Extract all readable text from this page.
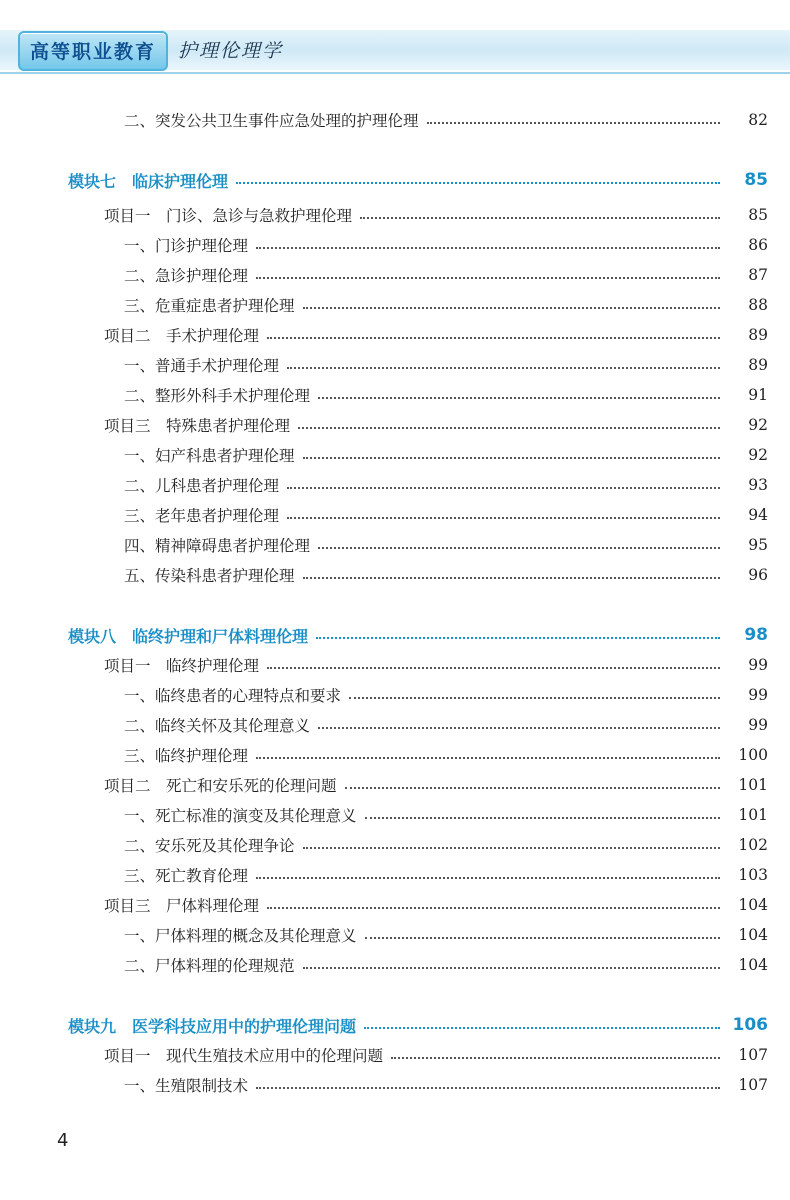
高等职业教育	护理伦理学
二、突发公共卫生事件应急处理的护理伦理	82
模块七　临床护理伦理	85
项目一　门诊、急诊与急救护理伦理	85
一、门诊护理伦理	86
二、急诊护理伦理	87
三、危重症患者护理伦理	88
项目二　手术护理伦理	89
一、普通手术护理伦理	89
二、整形外科手术护理伦理	91
项目三　特殊患者护理伦理	92
一、妇产科患者护理伦理	92
二、儿科患者护理伦理	93
三、老年患者护理伦理	94
四、精神障碍患者护理伦理	95
五、传染科患者护理伦理	96
模块八　临终护理和尸体料理伦理	98
项目一　临终护理伦理	99
一、临终患者的心理特点和要求	99
二、临终关怀及其伦理意义	99
三、临终护理伦理	100
项目二　死亡和安乐死的伦理问题	101
一、死亡标准的演变及其伦理意义	101
二、安乐死及其伦理争论	102
三、死亡教育伦理	103
项目三　尸体料理伦理	104
一、尸体料理的概念及其伦理意义	104
二、尸体料理的伦理规范	104
模块九　医学科技应用中的护理伦理问题	106
项目一　现代生殖技术应用中的伦理问题	107
一、生殖限制技术	107
4
